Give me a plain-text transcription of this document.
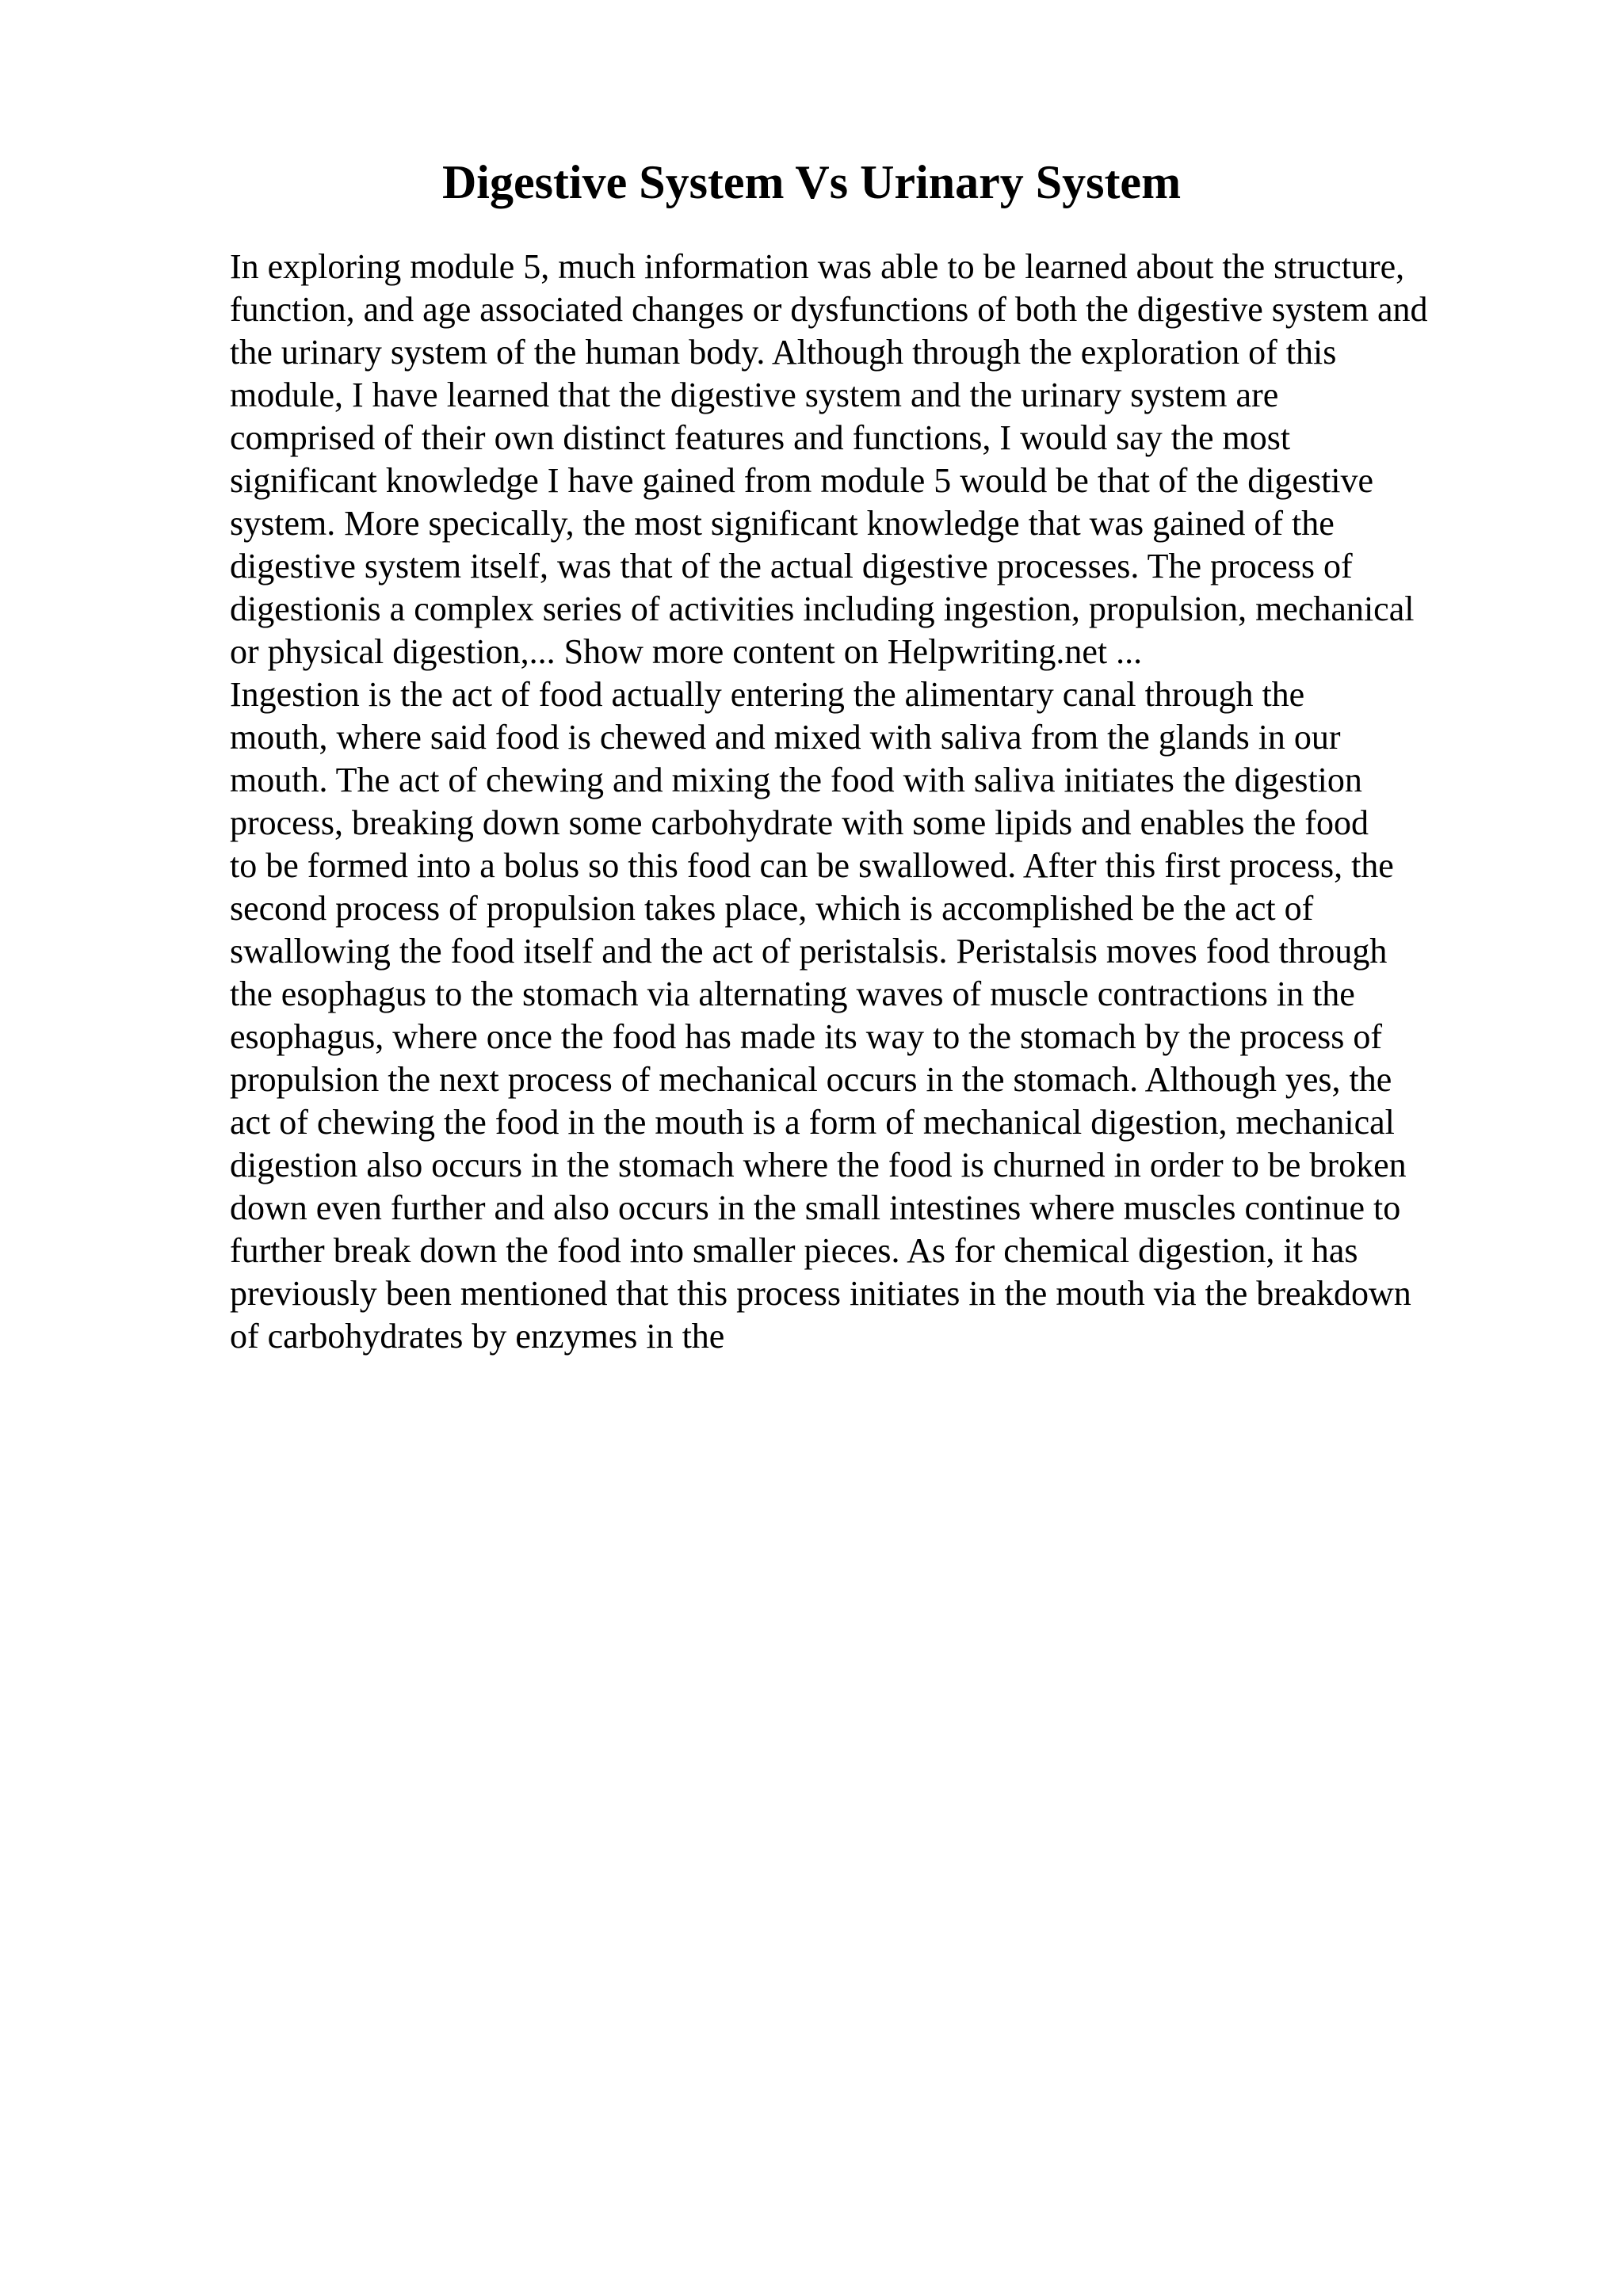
Digestive System Vs Urinary System

In exploring module 5, much information was able to be learned about the structure,
function, and age associated changes or dysfunctions of both the digestive system and
the urinary system of the human body. Although through the exploration of this
module, I have learned that the digestive system and the urinary system are
comprised of their own distinct features and functions, I would say the most
significant knowledge I have gained from module 5 would be that of the digestive
system. More specically, the most significant knowledge that was gained of the
digestive system itself, was that of the actual digestive processes. The process of
digestionis a complex series of activities including ingestion, propulsion, mechanical
or physical digestion,... Show more content on Helpwriting.net ...

Ingestion is the act of food actually entering the alimentary canal through the
mouth, where said food is chewed and mixed with saliva from the glands in our
mouth. The act of chewing and mixing the food with saliva initiates the digestion
process, breaking down some carbohydrate with some lipids and enables the food
to be formed into a bolus so this food can be swallowed. After this first process, the
second process of propulsion takes place, which is accomplished be the act of
swallowing the food itself and the act of peristalsis. Peristalsis moves food through
the esophagus to the stomach via alternating waves of muscle contractions in the
esophagus, where once the food has made its way to the stomach by the process of
propulsion the next process of mechanical occurs in the stomach. Although yes, the
act of chewing the food in the mouth is a form of mechanical digestion, mechanical
digestion also occurs in the stomach where the food is churned in order to be broken
down even further and also occurs in the small intestines where muscles continue to
further break down the food into smaller pieces. As for chemical digestion, it has
previously been mentioned that this process initiates in the mouth via the breakdown
of carbohydrates by enzymes in the
